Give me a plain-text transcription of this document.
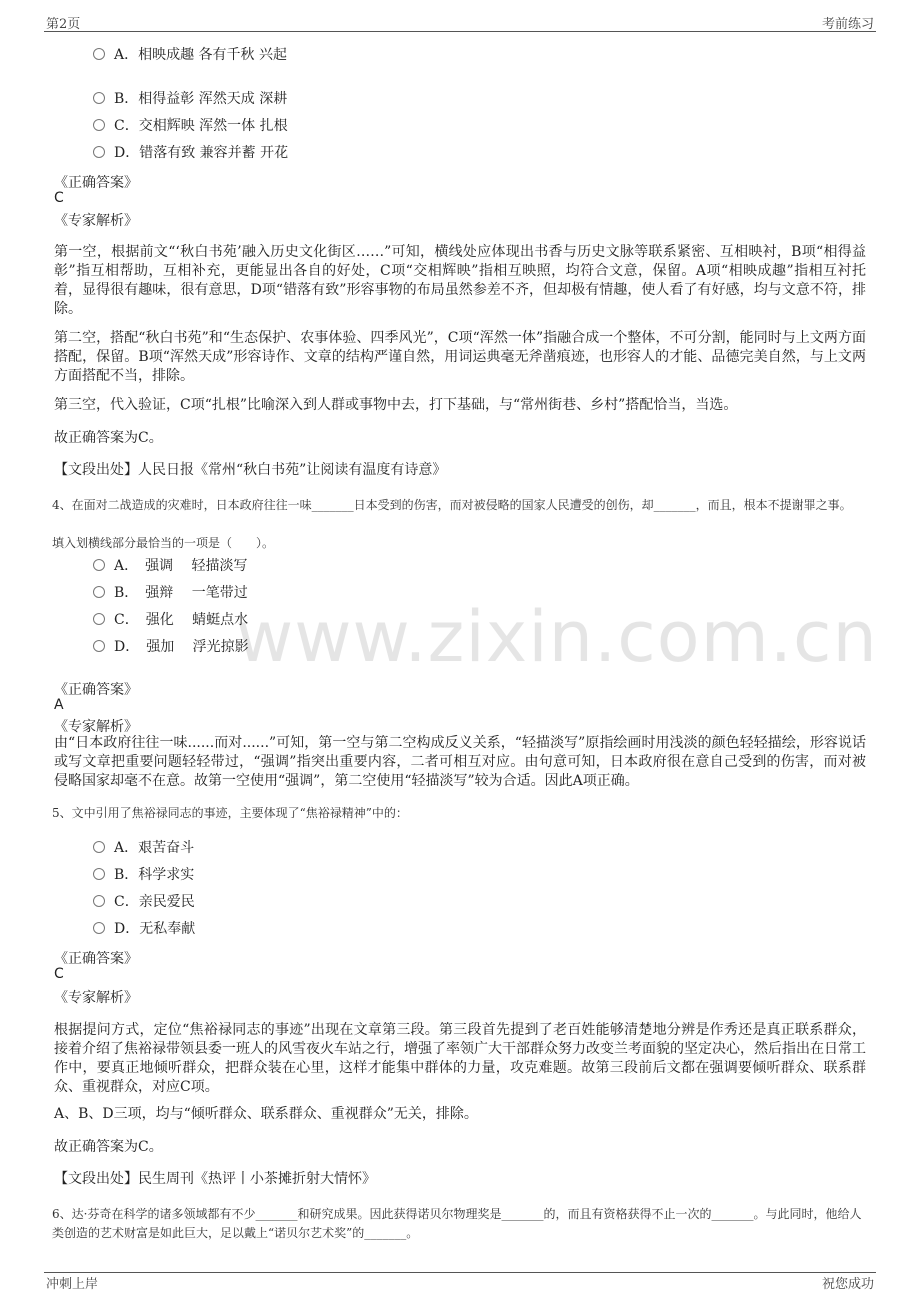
第2页	考前练习
www.zixin.com.cn
A．相映成趣 各有千秋 兴起
B．相得益彰 浑然天成 深耕
C．交相辉映 浑然一体 扎根
D．错落有致 兼容并蓄 开花
《正确答案》
C
《专家解析》
第一空，根据前文“‘秋白书苑’融入历史文化街区……”可知，横线处应体现出书香与历史文脉等联系紧密、互相映衬，B项“相得益彰”指互相帮助，互相补充，更能显出各自的好处，C项“交相辉映”指相互映照，均符合文意，保留。A项“相映成趣”指相互衬托着，显得很有趣味，很有意思，D项“错落有致”形容事物的布局虽然参差不齐，但却极有情趣，使人看了有好感，均与文意不符，排除。
第二空，搭配“秋白书苑”和“生态保护、农事体验、四季风光”，C项“浑然一体”指融合成一个整体，不可分割，能同时与上文两方面搭配，保留。B项“浑然天成”形容诗作、文章的结构严谨自然，用词运典毫无斧凿痕迹，也形容人的才能、品德完美自然，与上文两方面搭配不当，排除。
第三空，代入验证，C项“扎根”比喻深入到人群或事物中去，打下基础，与“常州街巷、乡村”搭配恰当，当选。
故正确答案为C。
【文段出处】人民日报《常州“秋白书苑”让阅读有温度有诗意》
4、在面对二战造成的灾难时，日本政府往往一味_______日本受到的伤害，而对被侵略的国家人民遭受的创伤，却_______，而且，根本不提谢罪之事。
填入划横线部分最恰当的一项是（　　）。
A．　强调　 轻描淡写
B．　强辩　 一笔带过
C．　强化　 蜻蜓点水
D．　强加　 浮光掠影
《正确答案》
A
《专家解析》
由“日本政府往往一味......而对......”可知，第一空与第二空构成反义关系，“轻描淡写”原指绘画时用浅淡的颜色轻轻描绘，形容说话或写文章把重要问题轻轻带过，“强调”指突出重要内容，二者可相互对应。由句意可知，日本政府很在意自己受到的伤害，而对被侵略国家却毫不在意。故第一空使用“强调”，第二空使用“轻描淡写”较为合适。因此A项正确。
5、文中引用了焦裕禄同志的事迹，主要体现了“焦裕禄精神”中的：
A．艰苦奋斗
B．科学求实
C．亲民爱民
D．无私奉献
《正确答案》
C
《专家解析》
根据提问方式，定位“焦裕禄同志的事迹”出现在文章第三段。第三段首先提到了老百姓能够清楚地分辨是作秀还是真正联系群众，接着介绍了焦裕禄带领县委一班人的风雪夜火车站之行，增强了率领广大干部群众努力改变兰考面貌的坚定决心，然后指出在日常工作中，要真正地倾听群众，把群众装在心里，这样才能集中群体的力量，攻克难题。故第三段前后文都在强调要倾听群众、联系群众、重视群众，对应C项。
A、B、D三项，均与“倾听群众、联系群众、重视群众”无关，排除。
故正确答案为C。
【文段出处】民生周刊《热评丨小茶摊折射大情怀》
6、达·芬奇在科学的诸多领域都有不少_______和研究成果。因此获得诺贝尔物理奖是_______的，而且有资格获得不止一次的_______。与此同时，他给人类创造的艺术财富是如此巨大，足以戴上“诺贝尔艺术奖”的_______。
冲刺上岸	祝您成功
